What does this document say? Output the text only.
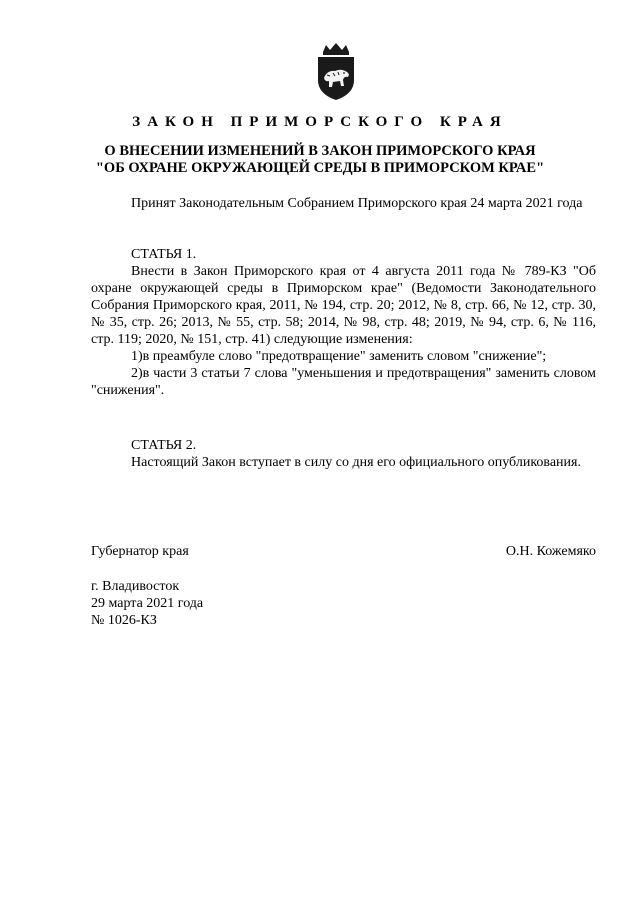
ЗАКОН ПРИМОРСКОГО КРАЯ
О ВНЕСЕНИИ ИЗМЕНЕНИЙ В ЗАКОН ПРИМОРСКОГО КРАЯ
"ОБ ОХРАНЕ ОКРУЖАЮЩЕЙ СРЕДЫ В ПРИМОРСКОМ КРАЕ"

Принят Законодательным Собранием Приморского края 24 марта 2021 года

СТАТЬЯ 1.

Внести в Закон Приморского края от 4 августа 2011 года № 789-КЗ "Об охране окружающей среды в Приморском крае" (Ведомости Законодательного Собрания Приморского края, 2011, № 194, стр. 20; 2012, № 8, стр. 66, № 12, стр. 30, № 35, стр. 26; 2013, № 55, стр. 58; 2014, № 98, стр. 48; 2019, № 94, стр. 6, № 116, стр. 119; 2020, № 151, стр. 41) следующие изменения:

1)в преамбуле слово "предотвращение" заменить словом "снижение";

2)в части 3 статьи 7 слова "уменьшения и предотвращения" заменить словом "снижения".

СТАТЬЯ 2.

Настоящий Закон вступает в силу со дня его официального опубликования.

Губернатор края	О.Н. Кожемяко
г. Владивосток
29 марта 2021 года
№ 1026-КЗ
